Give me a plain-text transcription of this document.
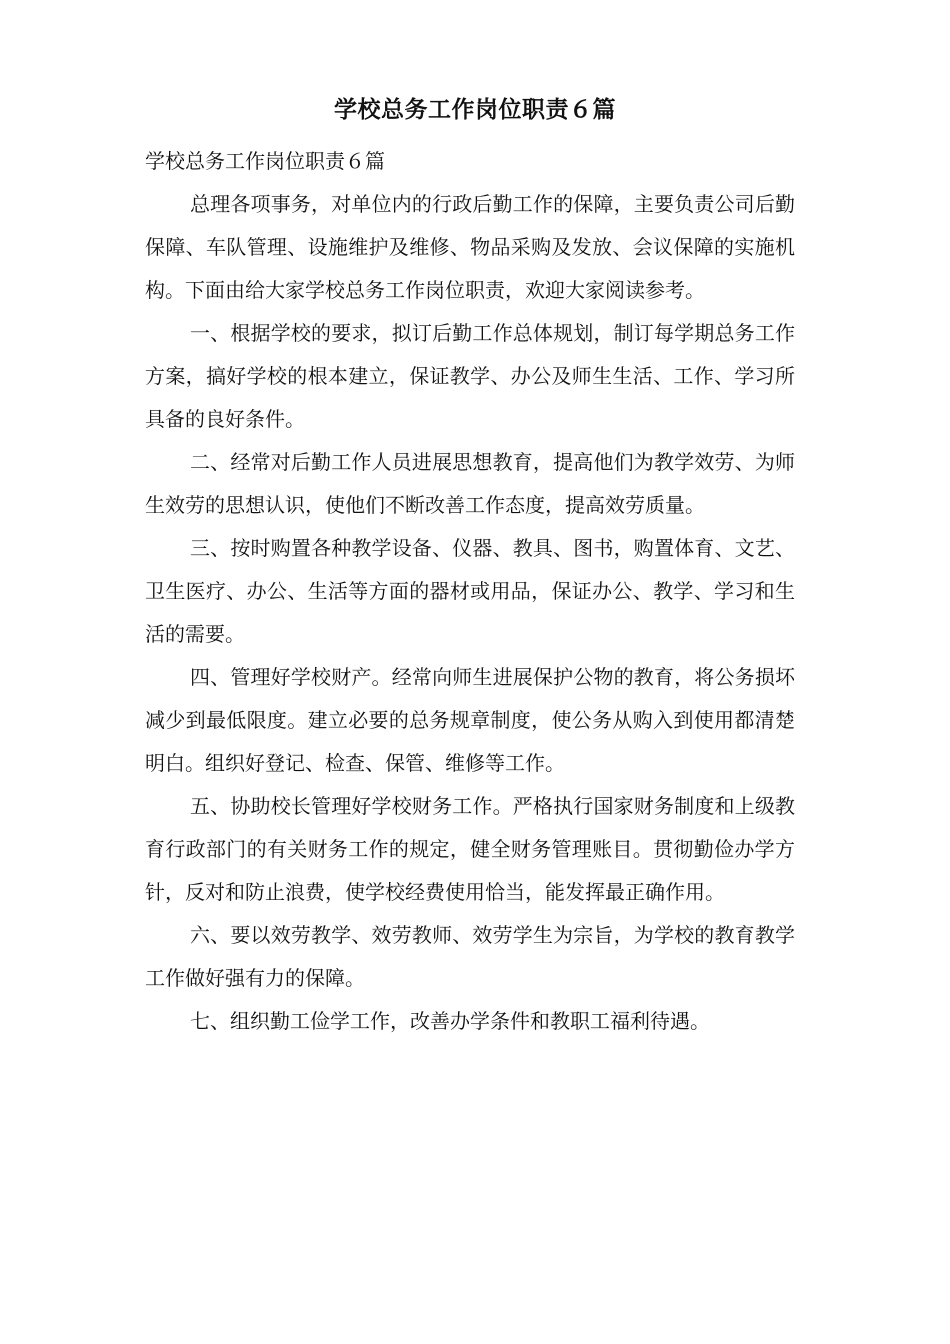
学校总务工作岗位职责６篇

学校总务工作岗位职责６篇

总理各项事务，对单位内的行政后勤工作的保障，主要负责公司后勤保障、车队管理、设施维护及维修、物品采购及发放、会议保障的实施机构。下面由给大家学校总务工作岗位职责，欢迎大家阅读参考。

一、根据学校的要求，拟订后勤工作总体规划，制订每学期总务工作方案，搞好学校的根本建立，保证教学、办公及师生生活、工作、学习所具备的良好条件。

二、经常对后勤工作人员进展思想教育，提高他们为教学效劳、为师生效劳的思想认识，使他们不断改善工作态度，提高效劳质量。

三、按时购置各种教学设备、仪器、教具、图书，购置体育、文艺、卫生医疗、办公、生活等方面的器材或用品，保证办公、教学、学习和生活的需要。

四、管理好学校财产。经常向师生进展保护公物的教育，将公务损坏减少到最低限度。建立必要的总务规章制度，使公务从购入到使用都清楚明白。组织好登记、检查、保管、维修等工作。

五、协助校长管理好学校财务工作。严格执行国家财务制度和上级教育行政部门的有关财务工作的规定，健全财务管理账目。贯彻勤俭办学方针，反对和防止浪费，使学校经费使用恰当，能发挥最正确作用。

六、要以效劳教学、效劳教师、效劳学生为宗旨，为学校的教育教学工作做好强有力的保障。

七、组织勤工俭学工作，改善办学条件和教职工福利待遇。
